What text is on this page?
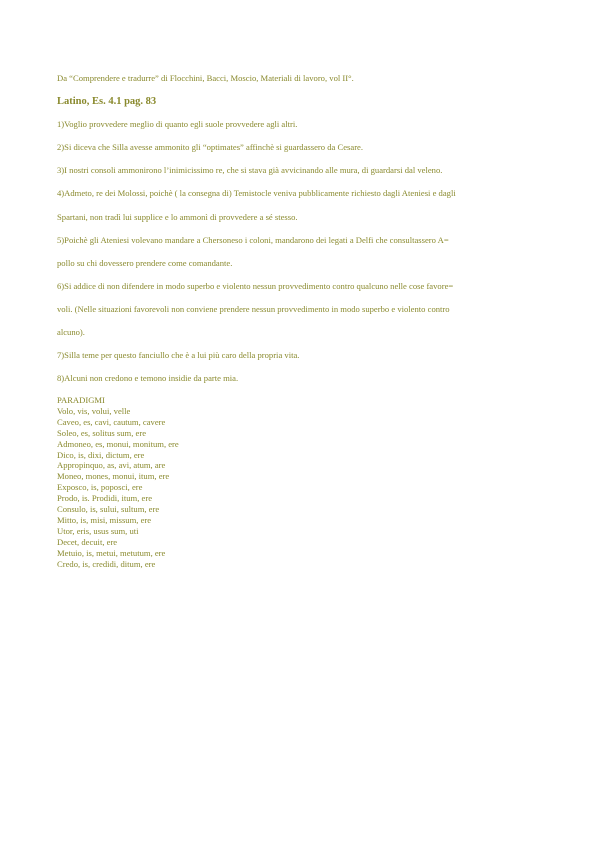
Da “Comprendere e tradurre” di Flocchini, Bacci, Moscio, Materiali di lavoro, vol II°.
Latino, Es. 4.1 pag. 83
1)Voglio provvedere meglio di quanto egli suole provvedere agli altri.
2)Si diceva che Silla avesse ammonito gli “optimates” affinchè si guardassero da Cesare.
3)I nostri consoli ammonirono l’inimicissimo re, che si stava già avvicinando alle mura, di guardarsi dal veleno.
4)Admeto, re dei Molossi, poichè ( la consegna di) Temistocle veniva pubblicamente richiesto dagli Ateniesi e dagli
Spartani, non tradì lui supplice e lo ammonì di provvedere a sé stesso.
5)Poichè gli Ateniesi volevano mandare a Chersoneso i coloni, mandarono dei legati a Delfi che consultassero A=
pollo su chi dovessero prendere come comandante.
6)Si addice di non difendere in modo superbo e violento nessun provvedimento contro qualcuno nelle cose favore=
voli. (Nelle situazioni favorevoli non conviene prendere nessun provvedimento in modo superbo e violento contro
alcuno).
7)Silla teme per questo fanciullo che è a lui più caro della propria vita.
8)Alcuni non credono e temono insidie da parte mia.
PARADIGMI
Volo, vis, volui, velle
Caveo, es, cavi, cautum, cavere
Soleo, es, solitus sum, ere
Admoneo, es, monui, monitum, ere
Dico, is, dixi, dictum, ere
Appropinquo, as, avi, atum, are
Moneo, mones, monui, itum, ere
Exposco, is, poposci, ere
Prodo, is. Prodidi, itum, ere
Consulo, is, sului, sultum, ere
Mitto, is, misi, missum, ere
Utor, eris, usus sum, uti
Decet, decuit, ere
Metuio, is, metui, metutum, ere
Credo, is, credidi, ditum, ere
